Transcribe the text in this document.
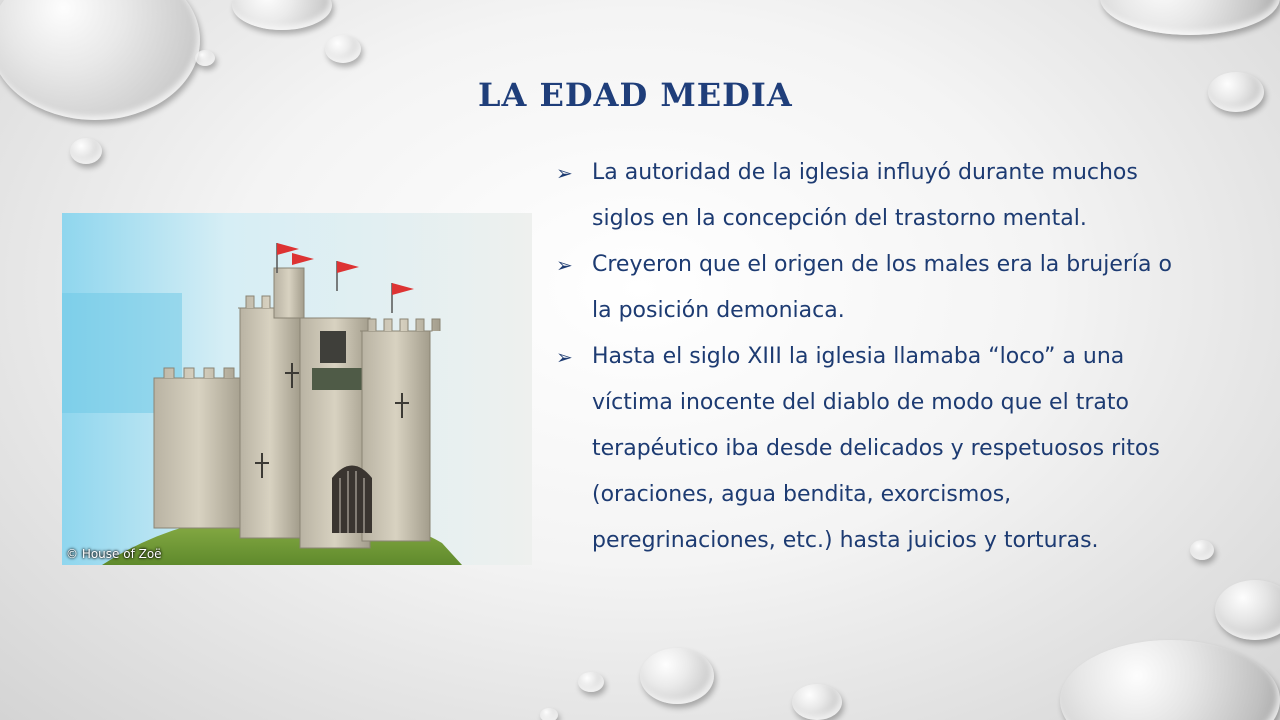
LA EDAD MEDIA
© House of Zoë
➢ La autoridad de la iglesia influyó durante muchos siglos en la concepción del trastorno mental.
➢ Creyeron que el origen de los males era la brujería o la posición demoniaca.
➢ Hasta el siglo XIII la iglesia llamaba “loco” a una víctima inocente del diablo de modo que el trato terapéutico iba desde delicados y respetuosos ritos (oraciones, agua bendita, exorcismos, peregrinaciones, etc.) hasta juicios y torturas.
